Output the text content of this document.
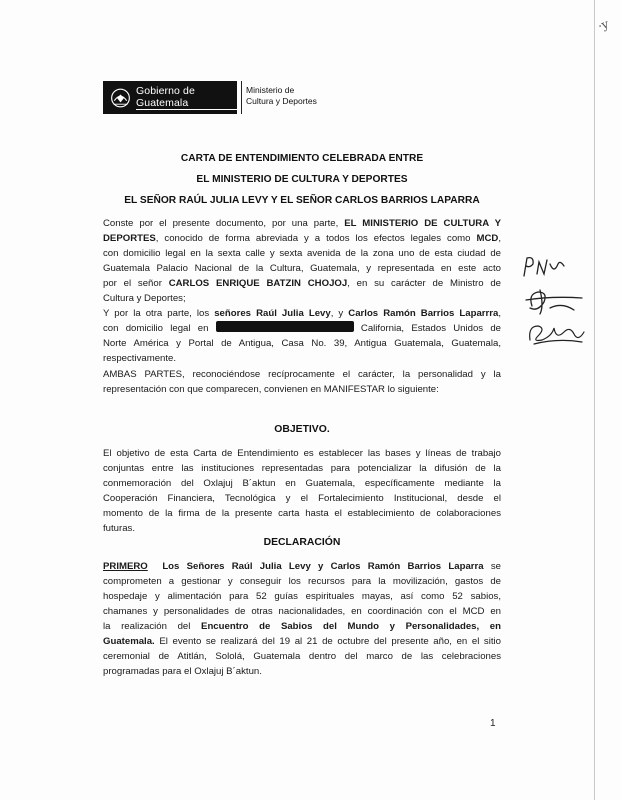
·y
Gobierno de Guatemala
Ministerio de
Cultura y Deportes
CARTA DE ENTENDIMIENTO CELEBRADA ENTRE
EL MINISTERIO DE CULTURA Y DEPORTES
EL SEÑOR RAÚL JULIA LEVY Y EL SEÑOR CARLOS BARRIOS LAPARRA
Conste por el presente documento, por una parte, EL MINISTERIO DE CULTURA Y
DEPORTES, conocido de forma abreviada y a todos los efectos legales como MCD,
con domicilio legal en la sexta calle y sexta avenida de la zona uno de esta ciudad de
Guatemala Palacio Nacional de la Cultura, Guatemala, y representada en este acto
por el señor CARLOS ENRIQUE BATZIN CHOJOJ, en su carácter de Ministro de
Cultura y Deportes;
Y por la otra parte, los señores Raúl Julia Levy, y Carlos Ramón Barrios Laparrra,
con domicilio legal en	California, Estados Unidos de
Norte América y Portal de Antigua, Casa No. 39, Antigua Guatemala, Guatemala,
respectivamente.
AMBAS PARTES, reconociéndose recíprocamente el carácter, la personalidad y la
representación con que comparecen, convienen en MANIFESTAR lo siguiente:
OBJETIVO.
El objetivo de esta Carta de Entendimiento es establecer las bases y líneas de trabajo
conjuntas entre las instituciones representadas para potencializar la difusión de la
conmemoración del Oxlajuj B´aktun en Guatemala, específicamente mediante la
Cooperación Financiera, Tecnológica y el Fortalecimiento Institucional, desde el
momento de la firma de la presente carta hasta el establecimiento de colaboraciones
futuras.
DECLARACIÓN
PRIMERO Los Señores Raúl Julia Levy y Carlos Ramón Barrios Laparra se
comprometen a gestionar y conseguir los recursos para la movilización, gastos de
hospedaje y alimentación para 52 guías espirituales mayas, así como 52 sabios,
chamanes y personalidades de otras nacionalidades, en coordinación con el MCD en
la realización del Encuentro de Sabios del Mundo y Personalidades, en
Guatemala. El evento se realizará del 19 al 21 de octubre del presente año, en el sitio
ceremonial de Atitlán, Sololá, Guatemala dentro del marco de las celebraciones
programadas para el Oxlajuj B´aktun.
1
